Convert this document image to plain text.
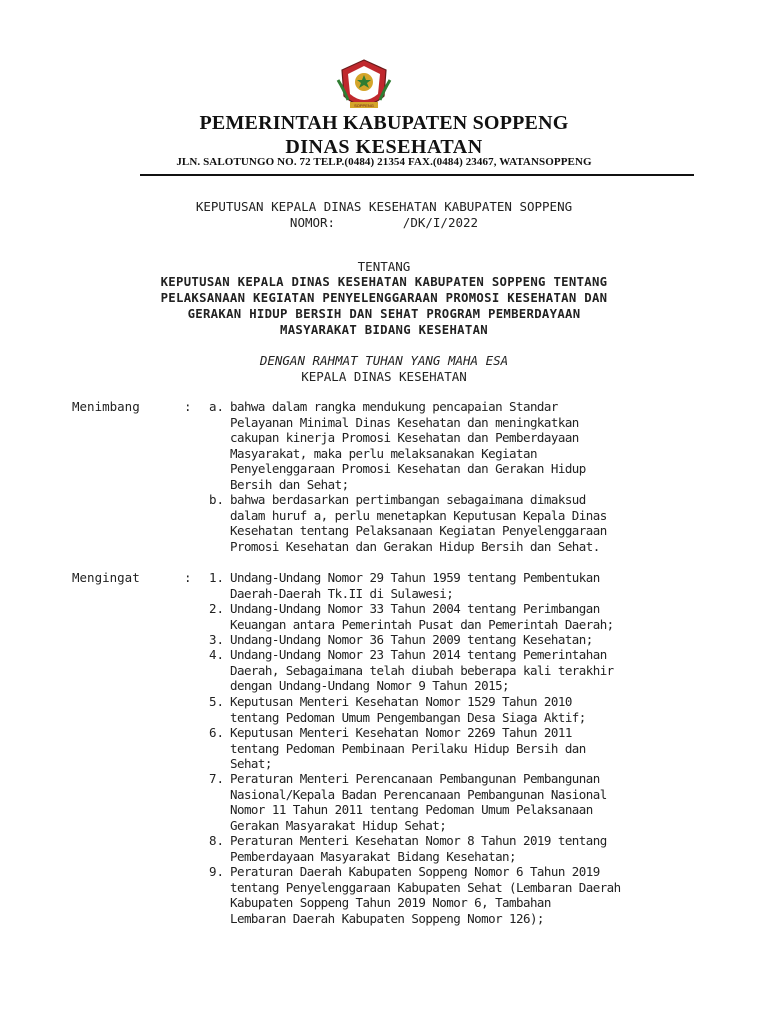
SOPPENG
PEMERINTAH KABUPATEN SOPPENG
DINAS KESEHATAN
JLN. SALOTUNGO NO. 72 TELP.(0484) 21354 FAX.(0484) 23467, WATANSOPPENG
KEPUTUSAN KEPALA DINAS KESEHATAN KABUPATEN SOPPENG
NOMOR:         /DK/I/2022
TENTANG
KEPUTUSAN KEPALA DINAS KESEHATAN KABUPATEN SOPPENG TENTANG
PELAKSANAAN KEGIATAN PENYELENGGARAAN PROMOSI KESEHATAN DAN
GERAKAN HIDUP BERSIH DAN SEHAT PROGRAM PEMBERDAYAAN
MASYARAKAT BIDANG KESEHATAN
DENGAN RAHMAT TUHAN YANG MAHA ESA
KEPALA DINAS KESEHATAN
Menimbang	:	a. bahwa dalam rangka mendukung pencapaian Standar
Pelayanan Minimal Dinas Kesehatan dan meningkatkan
cakupan kinerja Promosi Kesehatan dan Pemberdayaan
Masyarakat, maka perlu melaksanakan Kegiatan
Penyelenggaraan Promosi Kesehatan dan Gerakan Hidup
Bersih dan Sehat;
b. bahwa berdasarkan pertimbangan sebagaimana dimaksud
dalam huruf a, perlu menetapkan Keputusan Kepala Dinas
Kesehatan tentang Pelaksanaan Kegiatan Penyelenggaraan
Promosi Kesehatan dan Gerakan Hidup Bersih dan Sehat.
Mengingat	:	1. Undang-Undang Nomor 29 Tahun 1959 tentang Pembentukan
Daerah-Daerah Tk.II di Sulawesi;
2. Undang-Undang Nomor 33 Tahun 2004 tentang Perimbangan
Keuangan antara Pemerintah Pusat dan Pemerintah Daerah;
3. Undang-Undang Nomor 36 Tahun 2009 tentang Kesehatan;
4. Undang-Undang Nomor 23 Tahun 2014 tentang Pemerintahan
Daerah, Sebagaimana telah diubah beberapa kali terakhir
dengan Undang-Undang Nomor 9 Tahun 2015;
5. Keputusan Menteri Kesehatan Nomor 1529 Tahun 2010
tentang Pedoman Umum Pengembangan Desa Siaga Aktif;
6. Keputusan Menteri Kesehatan Nomor 2269 Tahun 2011
tentang Pedoman Pembinaan Perilaku Hidup Bersih dan
Sehat;
7. Peraturan Menteri Perencanaan Pembangunan Pembangunan
Nasional/Kepala Badan Perencanaan Pembangunan Nasional
Nomor 11 Tahun 2011 tentang Pedoman Umum Pelaksanaan
Gerakan Masyarakat Hidup Sehat;
8. Peraturan Menteri Kesehatan Nomor 8 Tahun 2019 tentang
Pemberdayaan Masyarakat Bidang Kesehatan;
9. Peraturan Daerah Kabupaten Soppeng Nomor 6 Tahun 2019
tentang Penyelenggaraan Kabupaten Sehat (Lembaran Daerah
Kabupaten Soppeng Tahun 2019 Nomor 6, Tambahan
Lembaran Daerah Kabupaten Soppeng Nomor 126);
